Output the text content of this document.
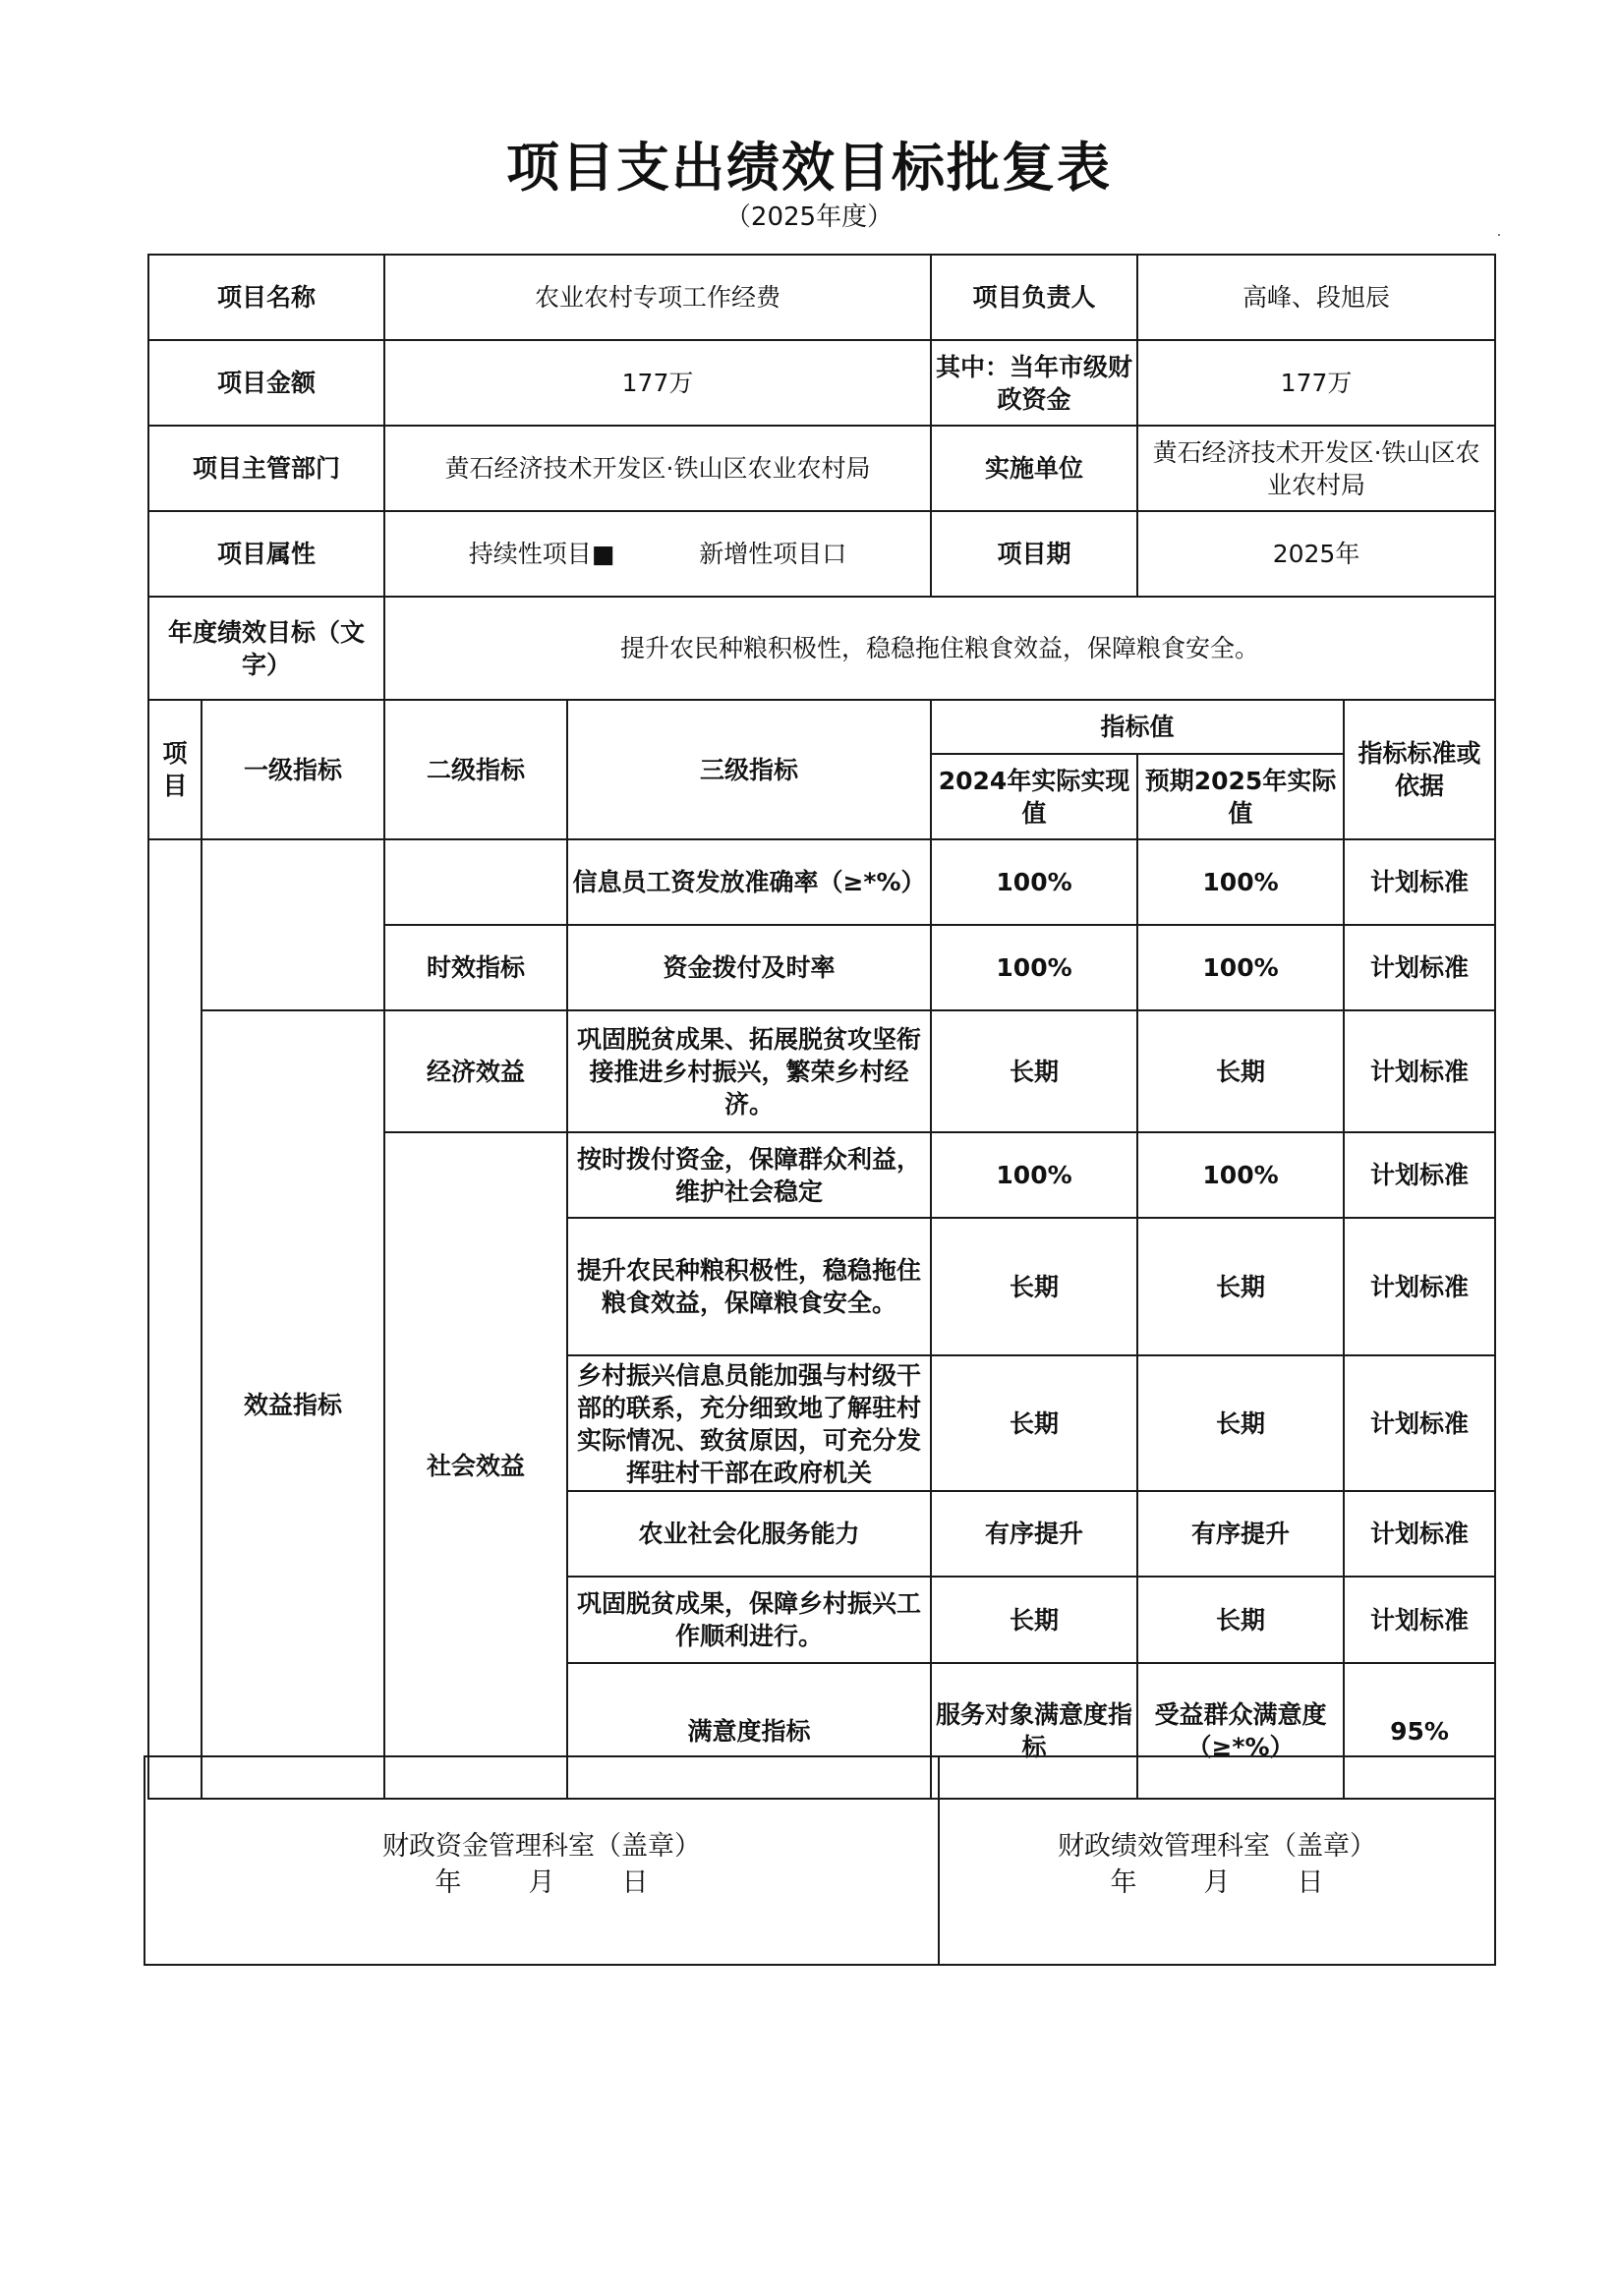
项目支出绩效目标批复表
（2025年度）
项目名称		农业农村专项工作经费		项目负责人	高峰、段旭辰		
项目金额		177万		其中：当年市级财政资金	177万		
项目主管部门		黄石经济技术开发区·铁山区农业农村局		实施单位	黄石经济技术开发区·铁山区农业农村局		
项目属性		持续性项目■ 新增性项目口		项目期	2025年		
年度绩效目标（文字）		提升农民种粮积极性，稳稳拖住粮食效益，保障粮食安全。					
项目	一级指标	二级指标	三级指标	指标值		指标标准或依据	
				2024年实际实现值	预期2025年实际值		
			信息员工资发放准确率（≥*%）	100%	100%	计划标准	
		时效指标	资金拨付及时率	100%	100%	计划标准	
	效益指标	经济效益	巩固脱贫成果、拓展脱贫攻坚衔接推进乡村振兴，繁荣乡村经济。	长期	长期	计划标准	
		社会效益	按时拨付资金，保障群众利益，维护社会稳定	100%	100%	计划标准	
			提升农民种粮积极性，稳稳拖住粮食效益，保障粮食安全。	长期	长期	计划标准	

			乡村振兴信息员能加强与村级干部的联系，充分细致地了解驻村实际情况、致贫原因，可充分发挥驻村干部在政府机关	长期	长期	计划标准	
			农业社会化服务能力	有序提升	有序提升	计划标准	
			巩固脱贫成果，保障乡村振兴工作顺利进行。	长期	长期	计划标准	
			满意度指标	服务对象满意度指标	受益群众满意度（≥*%）	95%		
财政资金管理科室（盖章）
年	月	日

财政绩效管理科室（盖章）
年	月	日
